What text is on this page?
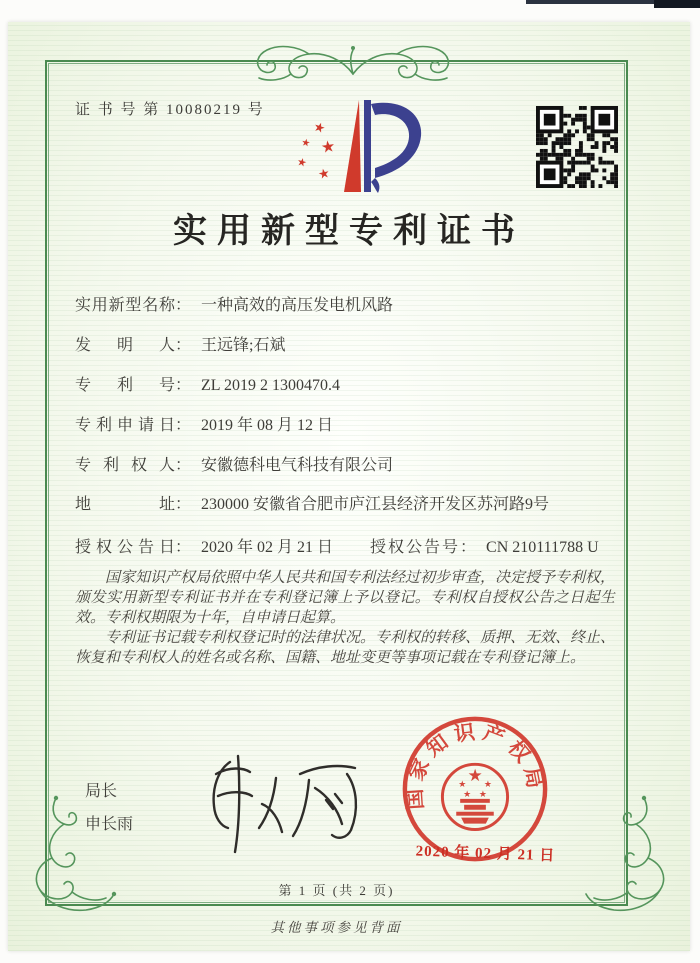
证 书 号 第 10080219 号
★
★ ★
★
★
实用新型专利证书
实用新型名称： 一种高效的高压发电机风路
发明人： 王远锋;石斌
专利号： ZL 2019 2 1300470.4
专利申请日： 2019 年 08 月 12 日
专利权人： 安徽德科电气科技有限公司
地址： 230000 安徽省合肥市庐江县经济开发区苏河路9号
授权公告日： 2020 年 02 月 21 日 授权公告号： CN 210111788 U

国家知识产权局依照中华人民共和国专利法经过初步审查，决定授予专利权，颁发实用新型专利证书并在专利登记簿上予以登记。专利权自授权公告之日起生效。专利权期限为十年，自申请日起算。

专利证书记载专利权登记时的法律状况。专利权的转移、质押、无效、终止、恢复和专利权人的姓名或名称、国籍、地址变更等事项记载在专利登记簿上。

局长
申长雨
国家知识产权局
★
★ ★
★ ★
2020 年 02 月 21 日
第 1 页 (共 2 页)
其他事项参见背面
